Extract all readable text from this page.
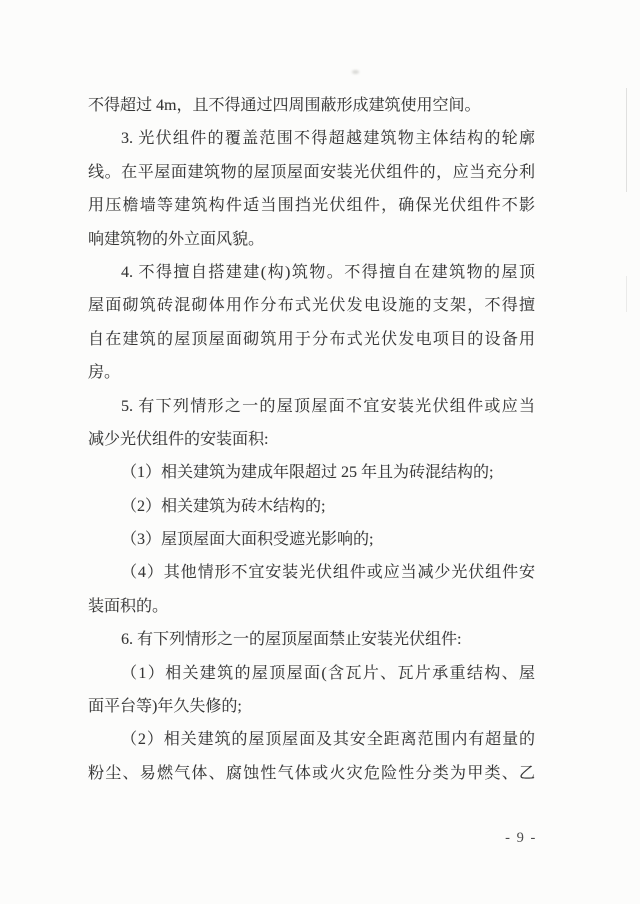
不得超过 4m，且不得通过四周围蔽形成建筑使用空间。
3. 光伏组件的覆盖范围不得超越建筑物主体结构的轮廓
线。在平屋面建筑物的屋顶屋面安装光伏组件的，应当充分利
用压檐墙等建筑构件适当围挡光伏组件，确保光伏组件不影
响建筑物的外立面风貌。
4. 不得擅自搭建建(构)筑物。不得擅自在建筑物的屋顶
屋面砌筑砖混砌体用作分布式光伏发电设施的支架，不得擅
自在建筑的屋顶屋面砌筑用于分布式光伏发电项目的设备用
房。
5. 有下列情形之一的屋顶屋面不宜安装光伏组件或应当
减少光伏组件的安装面积:
（1）相关建筑为建成年限超过 25 年且为砖混结构的;
（2）相关建筑为砖木结构的;
（3）屋顶屋面大面积受遮光影响的;
（4）其他情形不宜安装光伏组件或应当减少光伏组件安
装面积的。
6. 有下列情形之一的屋顶屋面禁止安装光伏组件:
（1）相关建筑的屋顶屋面(含瓦片、瓦片承重结构、屋
面平台等)年久失修的;
（2）相关建筑的屋顶屋面及其安全距离范围内有超量的
粉尘、易燃气体、腐蚀性气体或火灾危险性分类为甲类、乙
- 9 -
